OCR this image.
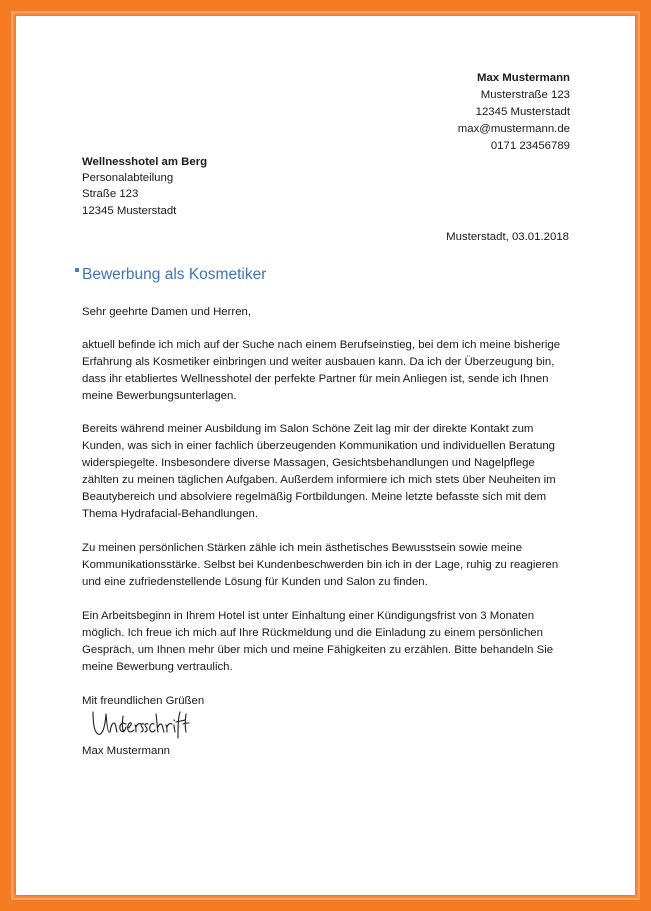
Max Mustermann
Musterstraße 123
12345 Musterstadt
max@mustermann.de
0171 23456789
Wellnesshotel am Berg
Personalabteilung
Straße 123
12345 Musterstadt
Musterstadt, 03.01.2018
Bewerbung als Kosmetiker
Sehr geehrte Damen und Herren,
aktuell befinde ich mich auf der Suche nach einem Berufseinstieg, bei dem ich meine bisherige
Erfahrung als Kosmetiker einbringen und weiter ausbauen kann. Da ich der Überzeugung bin,
dass ihr etabliertes Wellnesshotel der perfekte Partner für mein Anliegen ist, sende ich Ihnen
meine Bewerbungsunterlagen.
Bereits während meiner Ausbildung im Salon Schöne Zeit lag mir der direkte Kontakt zum
Kunden, was sich in einer fachlich überzeugenden Kommunikation und individuellen Beratung
widerspiegelte. Insbesondere diverse Massagen, Gesichtsbehandlungen und Nagelpflege
zählten zu meinen täglichen Aufgaben. Außerdem informiere ich mich stets über Neuheiten im
Beautybereich und absolviere regelmäßig Fortbildungen. Meine letzte befasste sich mit dem
Thema Hydrafacial-Behandlungen.
Zu meinen persönlichen Stärken zähle ich mein ästhetisches Bewusstsein sowie meine
Kommunikationsstärke. Selbst bei Kundenbeschwerden bin ich in der Lage, ruhig zu reagieren
und eine zufriedenstellende Lösung für Kunden und Salon zu finden.
Ein Arbeitsbeginn in Ihrem Hotel ist unter Einhaltung einer Kündigungsfrist von 3 Monaten
möglich. Ich freue ich mich auf Ihre Rückmeldung und die Einladung zu einem persönlichen
Gespräch, um Ihnen mehr über mich und meine Fähigkeiten zu erzählen. Bitte behandeln Sie
meine Bewerbung vertraulich.
Mit freundlichen Grüßen
Max Mustermann
